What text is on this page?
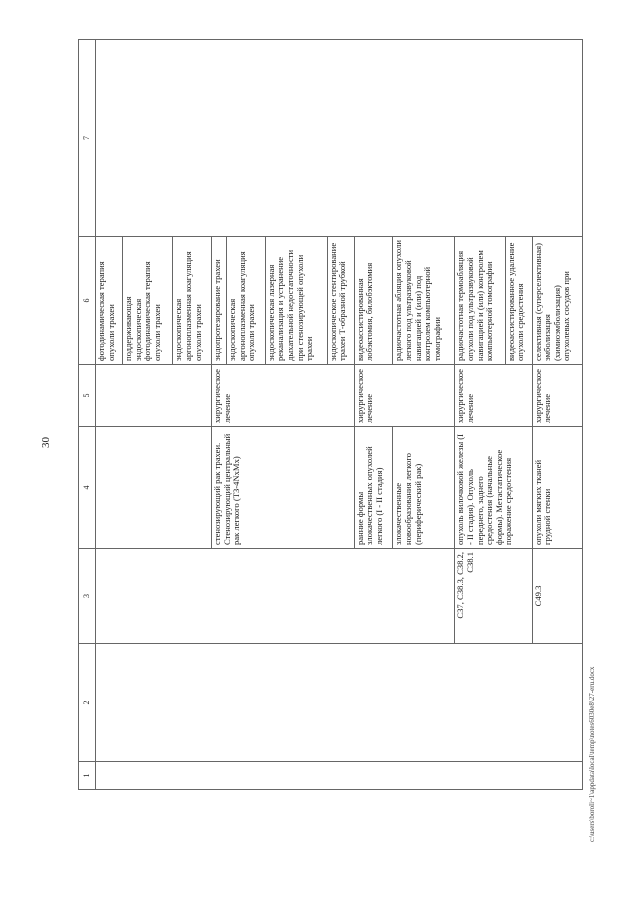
30
1	2	3	4	5	6	7
					фотодинамическая терапия опухоли трахеи	
					поддерживающая эндоскопическая фотодинамическая терапия опухоли трахеи	
					эндоскопическая аргоноплазменная коагуляция опухоли трахеи	
			стенозирующий рак трахеи. Стенозирующий центральный рак легкого (T3-4NхMх)	хирургическое лечение	эндопротезирование трахеи	
					эндоскопическая аргоноплазменная коагуляция опухоли трахеи	
					эндоскопическая лазерная реканализация и устранение дыхательной недостаточности при стенозирующей опухоли трахеи	
					эндоскопическое стентирование трахеи Т-образной трубкой	
			ранние формы злокачественных опухолей легкого (I - II стадия)	хирургическое лечение	видеоассистированная лобэктомия, билобэктомия	
			злокачественные новообразования легкого (периферический рак)		радиочастотная абляция опухоли легкого под ультразвуковой навигацией и (или) под контролем компьютерной томографии	
		C37, C38.3, C38.2, C38.1	опухоль вилочковой железы (I - II стадия). Опухоль переднего, заднего средостения (начальные формы). Метастатическое поражение средостения	хирургическое лечение	радиочастотная термоабляция опухоли под ультразвуковой навигацией и (или) контролем компьютерной томографии	
					видеоассистированное удаление опухоли средостения	
		C49.3	опухоли мягких тканей грудной стенки	хирургическое лечение	селективная (суперселективная) эмболизация (химиоэмболизация) опухолевых сосудов при	
c:\users\boroli~1\appdata\local\temp\notes6030e8\27-eru.docx
